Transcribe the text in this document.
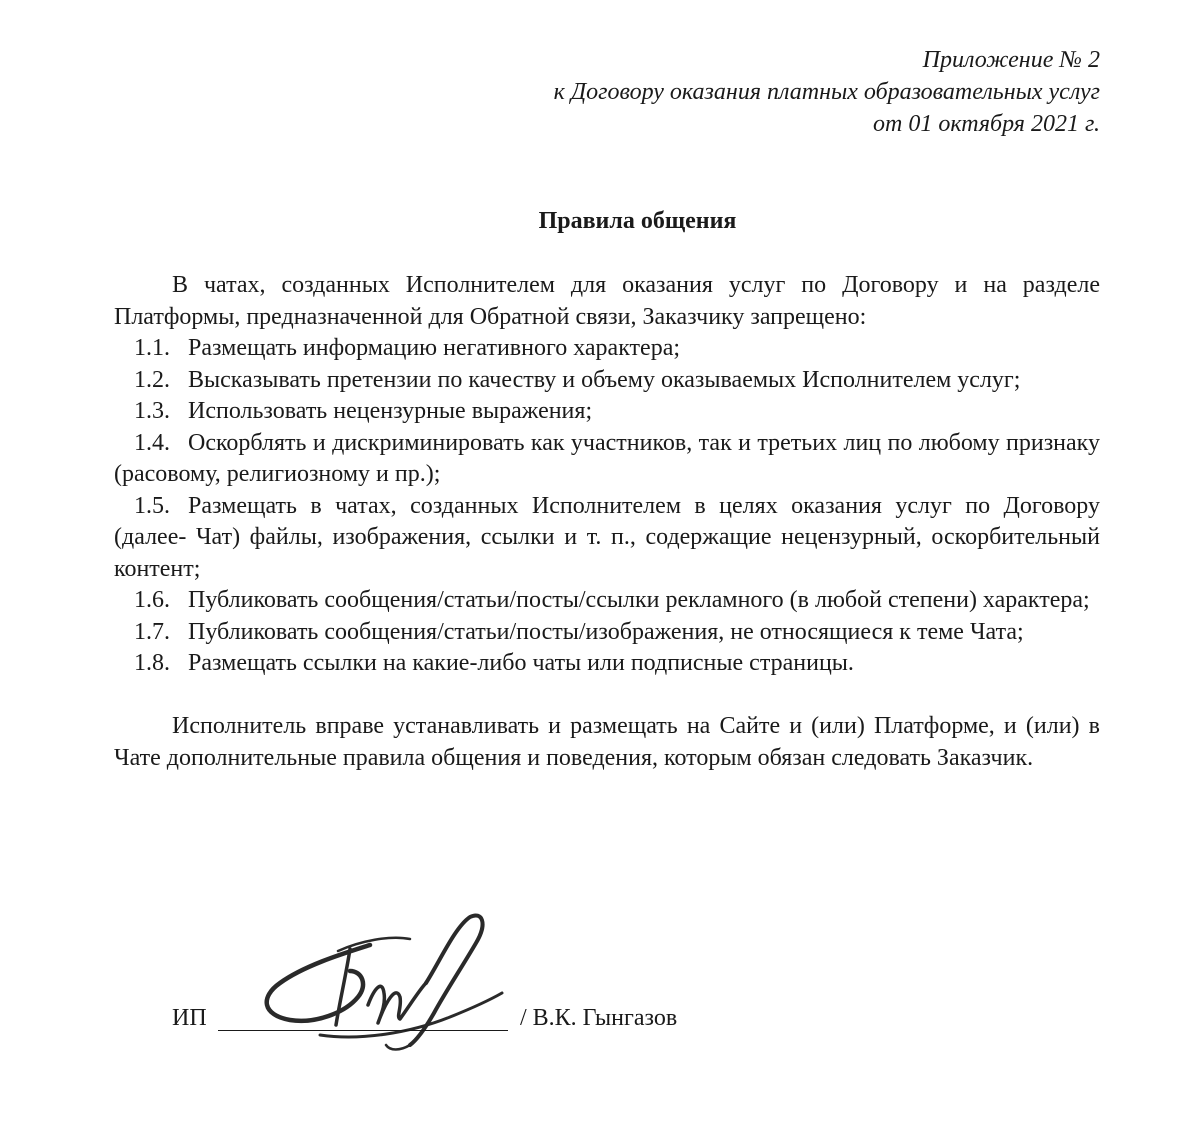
Приложение № 2
к Договору оказания платных образовательных услуг
от 01 октября 2021 г.
Правила общения

В чатах, созданных Исполнителем для оказания услуг по Договору и на разделе Платформы, предназначенной для Обратной связи, Заказчику запрещено:

1.1. Размещать информацию негативного характера;

1.2. Высказывать претензии по качеству и объему оказываемых Исполнителем услуг;

1.3. Использовать нецензурные выражения;

1.4. Оскорблять и дискриминировать как участников, так и третьих лиц по любому признаку (расовому, религиозному и пр.);

1.5. Размещать в чатах, созданных Исполнителем в целях оказания услуг по Договору (далее- Чат) файлы, изображения, ссылки и т. п., содержащие нецензурный, оскорбительный контент;

1.6. Публиковать сообщения/статьи/посты/ссылки рекламного (в любой степени) характера;

1.7. Публиковать сообщения/статьи/посты/изображения, не относящиеся к теме Чата;

1.8. Размещать ссылки на какие-либо чаты или подписные страницы.

Исполнитель вправе устанавливать и размещать на Сайте и (или) Платформе, и (или) в Чате дополнительные правила общения и поведения, которым обязан следовать Заказчик.

ИП	/ В.К. Гынгазов
